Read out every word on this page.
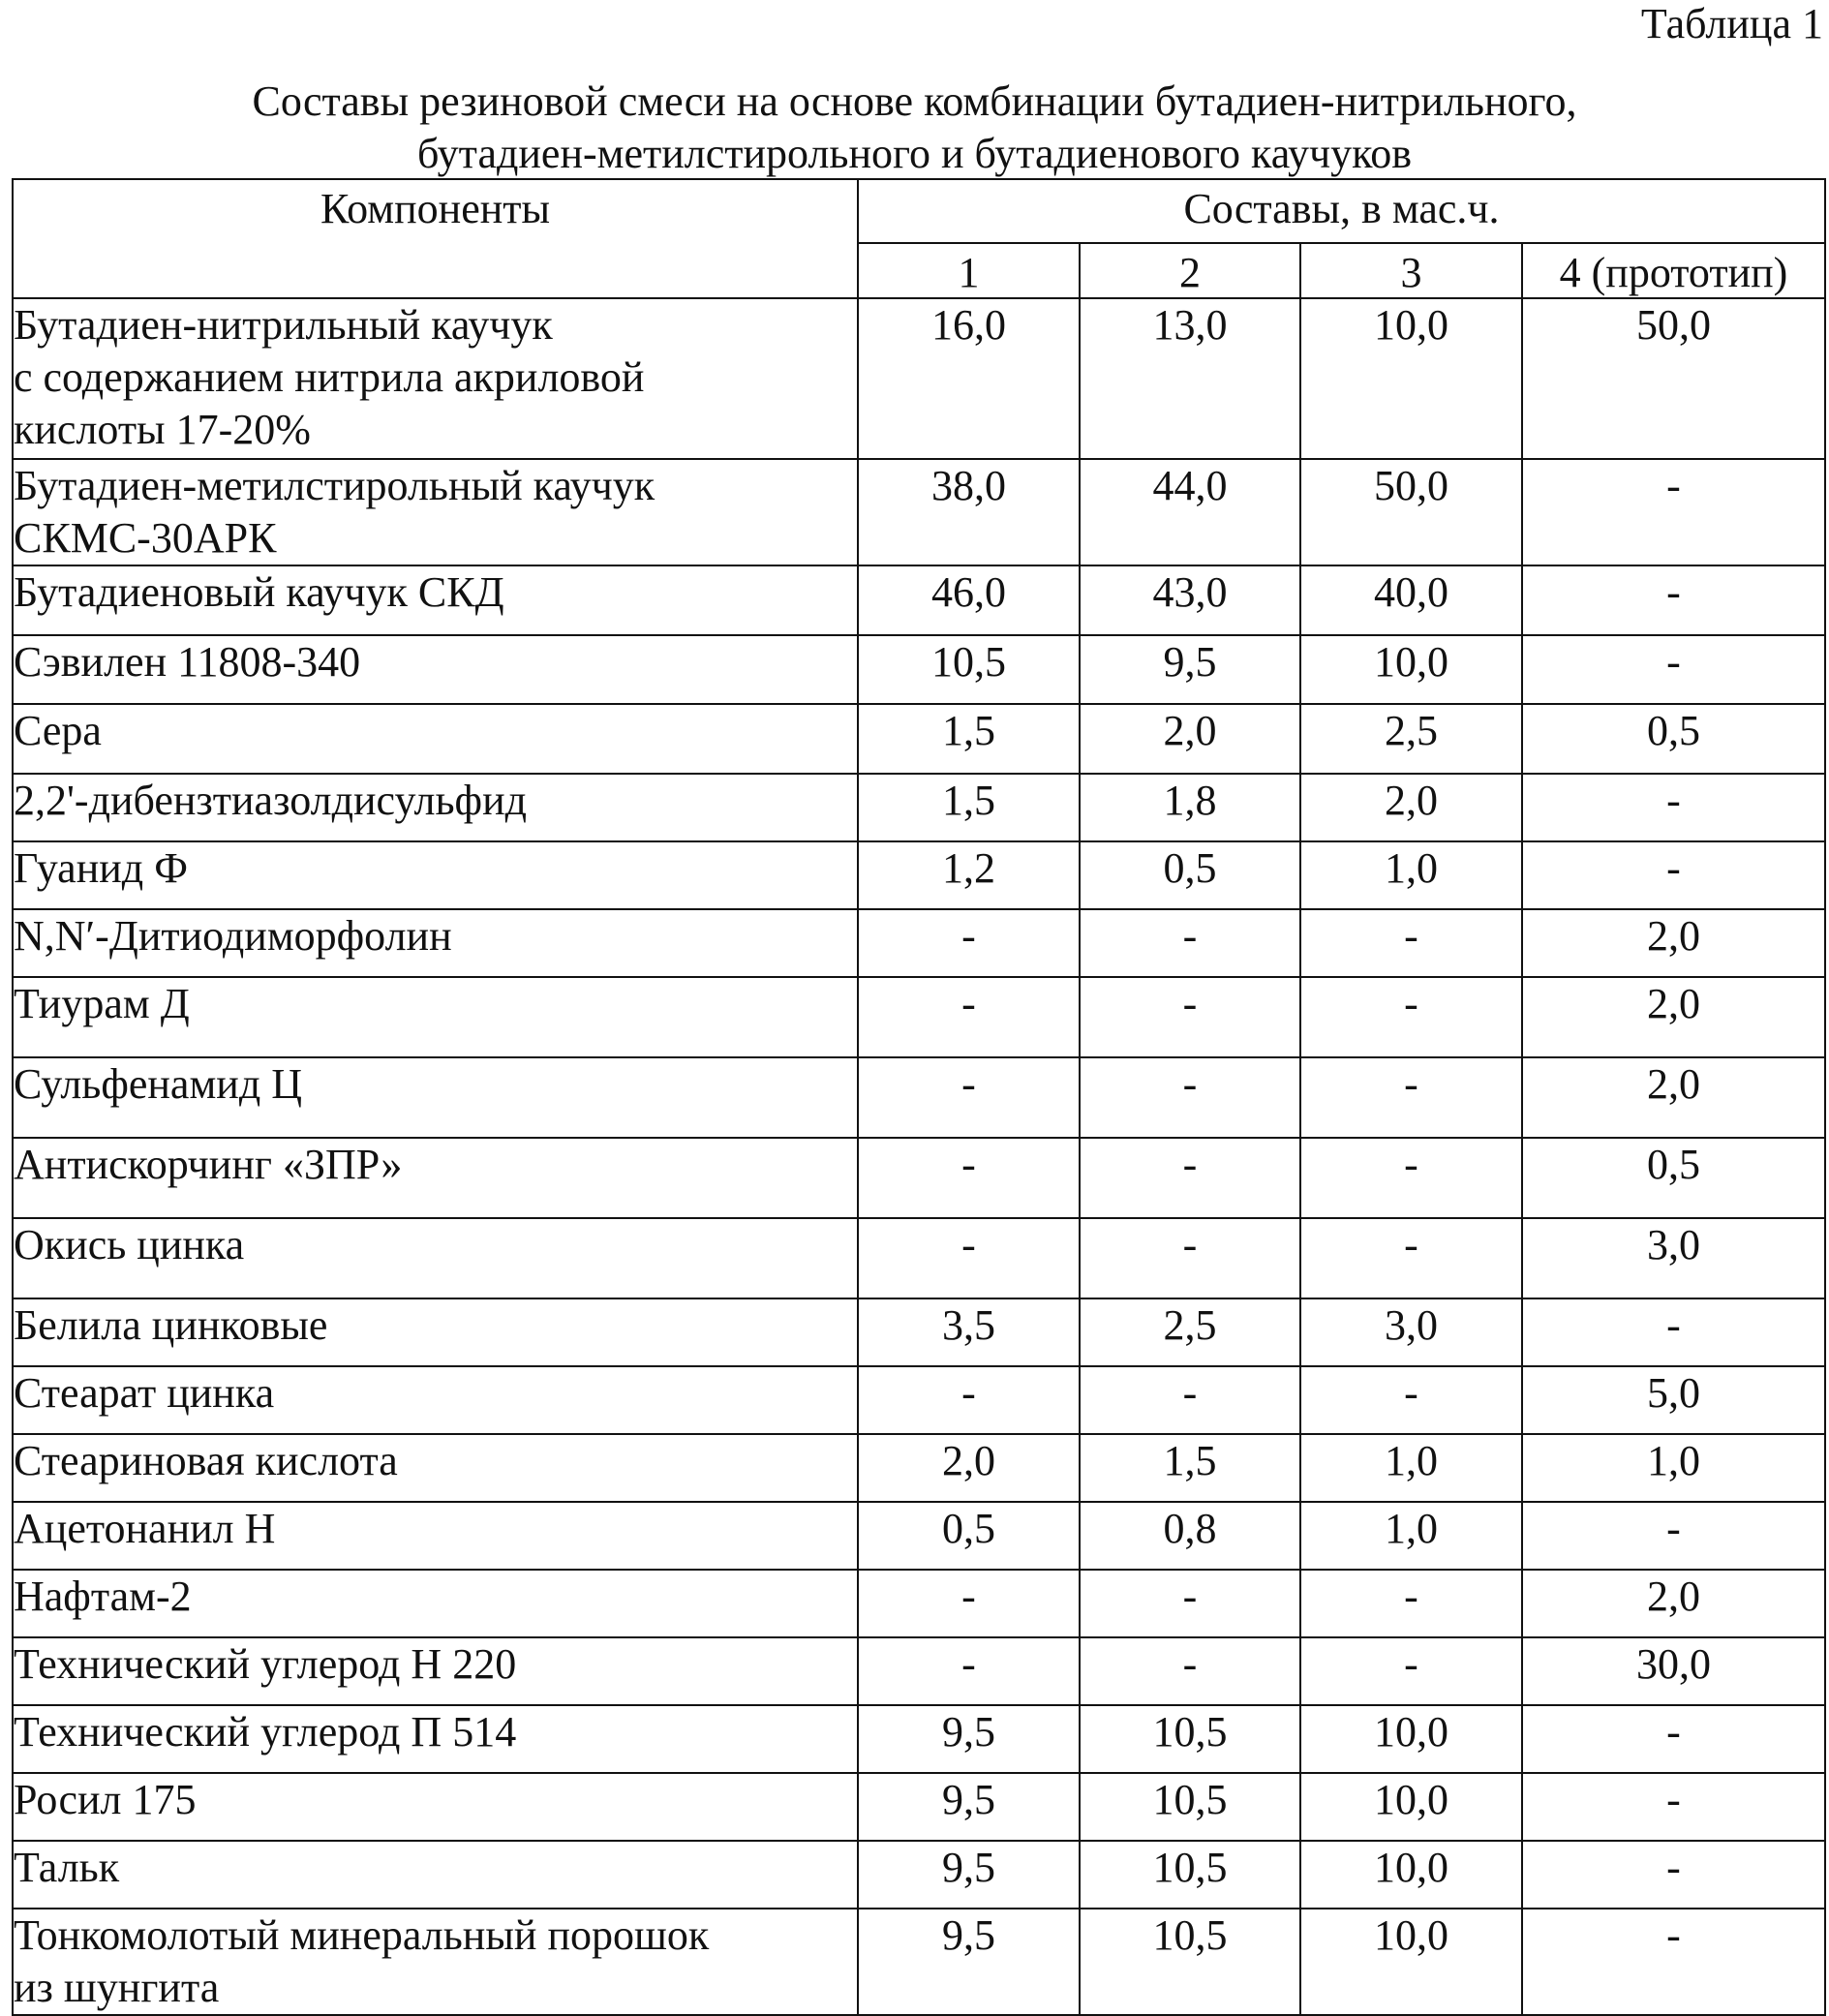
Таблица 1
Составы резиновой смеси на основе комбинации бутадиен-нитрильного,
бутадиен-метилстирольного и бутадиенового каучуков
Компоненты	Составы, в мас.ч.			
	1	2	3	4 (прототип)

Бутадиен-нитрильный каучук
с содержанием нитрила акриловой
кислоты 17-20%	16,0	13,0	10,0	50,0

Бутадиен-метилстирольный каучук
СКМС-30АРК	38,0	44,0	50,0	-

Бутадиеновый каучук СКД	46,0	43,0	40,0	-

Сэвилен 11808-340	10,5	9,5	10,0	-

Сера	1,5	2,0	2,5	0,5

2,2'-дибензтиазолдисульфид	1,5	1,8	2,0	-

Гуанид Ф	1,2	0,5	1,0	-

N,N′-Дитиодиморфолин	-	-	-	2,0

Тиурам Д	-	-	-	2,0

Сульфенамид Ц	-	-	-	2,0

Антискорчинг «ЗПР»	-	-	-	0,5

Окись цинка	-	-	-	3,0

Белила цинковые	3,5	2,5	3,0	-

Стеарат цинка	-	-	-	5,0

Стеариновая кислота	2,0	1,5	1,0	1,0

Ацетонанил Н	0,5	0,8	1,0	-

Нафтам-2	-	-	-	2,0

Технический углерод Н 220	-	-	-	30,0

Технический углерод П 514	9,5	10,5	10,0	-

Росил 175	9,5	10,5	10,0	-

Тальк	9,5	10,5	10,0	-

Тонкомолотый минеральный порошок
из шунгита	9,5	10,5	10,0	-
